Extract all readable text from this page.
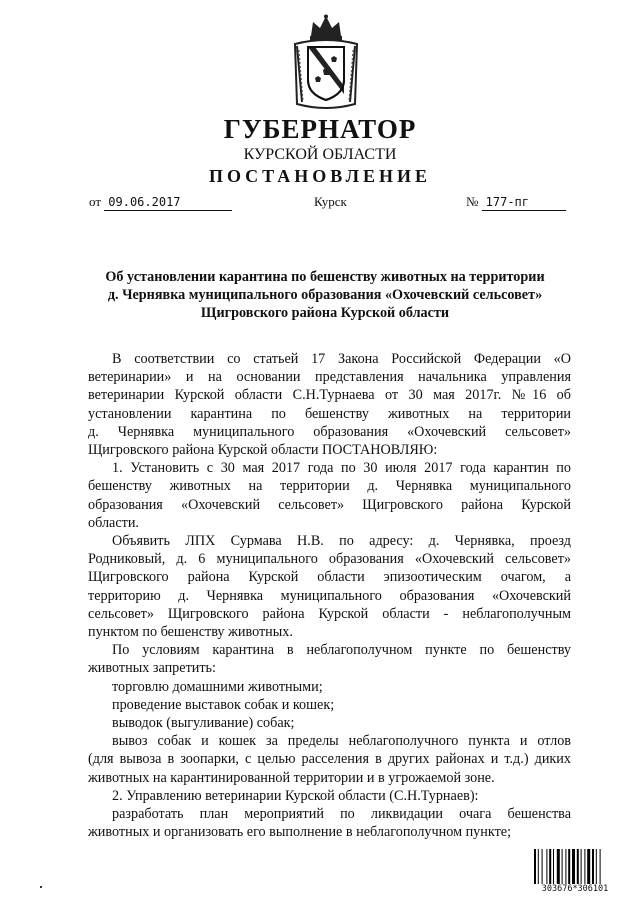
ГУБЕРНАТОР
КУРСКОЙ ОБЛАСТИ
ПОСТАНОВЛЕНИЕ
от 09.06.2017	Курск	№ 177-пг
Об установлении карантина по бешенству животных на территории
д. Чернявка муниципального образования «Охочевский сельсовет»
Щигровского района Курской области
В соответствии со статьей 17 Закона Российской Федерации «О
ветеринарии» и на основании представления начальника управления
ветеринарии Курской области С.Н.Турнаева от 30 мая 2017г. №16 об
установлении карантина по бешенству животных на территории
д. Чернявка муниципального образования «Охочевский сельсовет»
Щигровского района Курской области ПОСТАНОВЛЯЮ:
1. Установить с 30 мая 2017 года по 30 июля 2017 года карантин по
бешенству животных на территории д. Чернявка муниципального
образования «Охочевский сельсовет» Щигровского района Курской
области.
Объявить ЛПХ Сурмава Н.В. по адресу: д. Чернявка, проезд
Родниковый, д. 6 муниципального образования «Охочевский сельсовет»
Щигровского района Курской области эпизоотическим очагом, а
территорию д. Чернявка муниципального образования «Охочевский
сельсовет» Щигровского района Курской области - неблагополучным
пунктом по бешенству животных.
По условиям карантина в неблагополучном пункте по бешенству
животных запретить:
торговлю домашними животными;
проведение выставок собак и кошек;
выводок (выгуливание) собак;
вывоз собак и кошек за пределы неблагополучного пункта и отлов
(для вывоза в зоопарки, с целью расселения в других районах и т.д.) диких
животных на карантинированной территории и в угрожаемой зоне.
2. Управлению ветеринарии Курской области (С.Н.Турнаев):
разработать план мероприятий по ликвидации очага бешенства
животных и организовать его выполнение в неблагополучном пункте;
303676*306101
